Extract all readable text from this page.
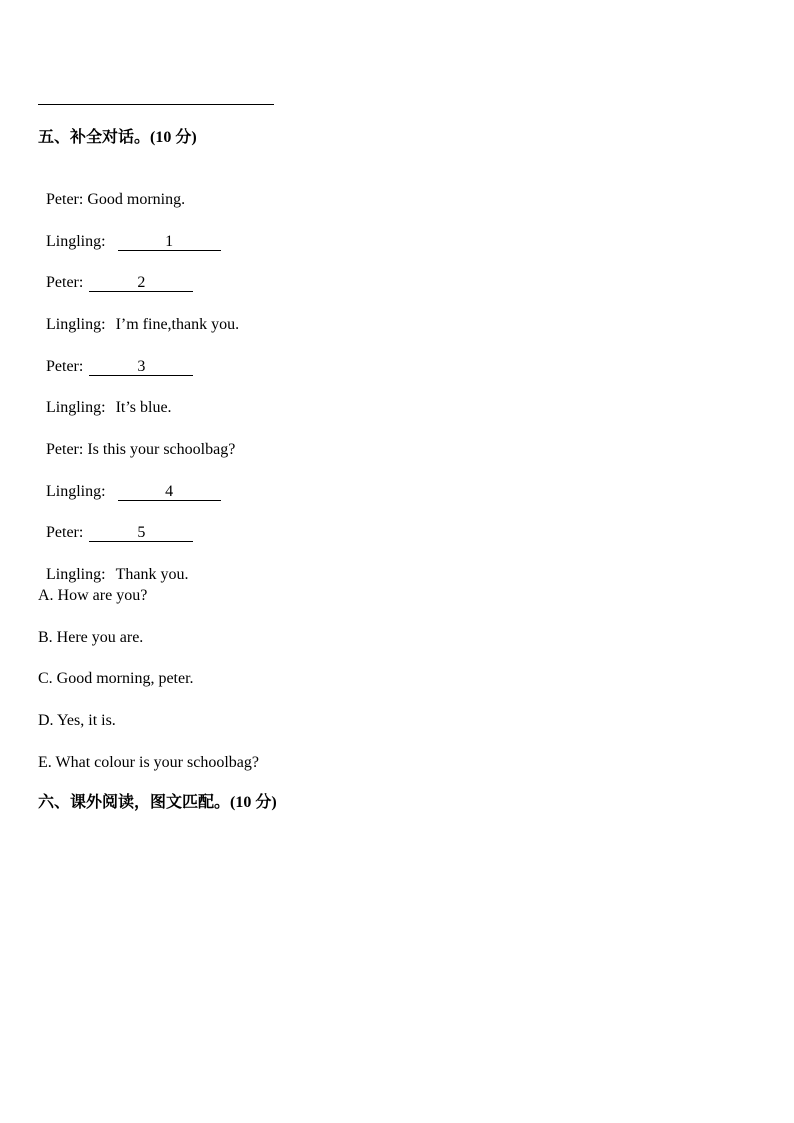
五、补全对话。(10 分)

Peter: Good morning.

Lingling:	1

Peter:	2

Lingling: I’m fine,thank you.

Peter:	3

Lingling: It’s blue.

Peter: Is this your schoolbag?

Lingling:	4

Peter:	5

Lingling: Thank you.

A. How are you?
B. Here you are.
C. Good morning, peter.
D. Yes, it is.
E. What colour is your schoolbag?
六、课外阅读，图文匹配。(10 分)
